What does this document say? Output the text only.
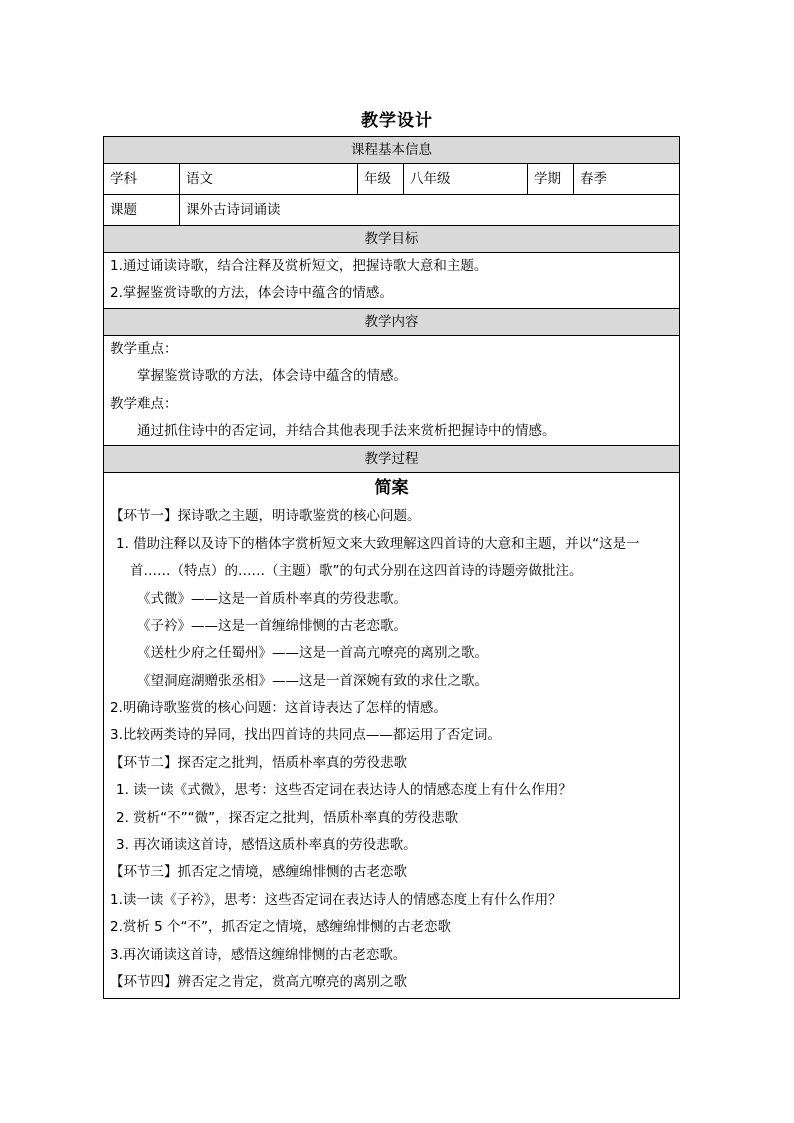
教学设计
课程基本信息
学科	语文	年级	八年级	学期	春季
课题	课外古诗词诵读
教学目标
1.通过诵读诗歌，结合注释及赏析短文，把握诗歌大意和主题。
2.掌握鉴赏诗歌的方法，体会诗中蕴含的情感。
教学内容
教学重点：
掌握鉴赏诗歌的方法，体会诗中蕴含的情感。
教学难点：
通过抓住诗中的否定词，并结合其他表现手法来赏析把握诗中的情感。
教学过程
简案
【环节一】探诗歌之主题，明诗歌鉴赏的核心问题。
1. 借助注释以及诗下的楷体字赏析短文来大致理解这四首诗的大意和主题，并以“这是一
首……（特点）的……（主题）歌”的句式分别在这四首诗的诗题旁做批注。
《式微》——这是一首质朴率真的劳役悲歌。
《子衿》——这是一首缠绵悱恻的古老恋歌。
《送杜少府之任蜀州》——这是一首高亢嘹亮的离别之歌。
《望洞庭湖赠张丞相》——这是一首深婉有致的求仕之歌。
2.明确诗歌鉴赏的核心问题：这首诗表达了怎样的情感。
3.比较两类诗的异同，找出四首诗的共同点——都运用了否定词。
【环节二】探否定之批判，悟质朴率真的劳役悲歌
1. 读一读《式微》，思考：这些否定词在表达诗人的情感态度上有什么作用？
2. 赏析“不”“微”，探否定之批判，悟质朴率真的劳役悲歌
3. 再次诵读这首诗，感悟这质朴率真的劳役悲歌。
【环节三】抓否定之情境，感缠绵悱恻的古老恋歌
1.读一读《子衿》，思考：这些否定词在表达诗人的情感态度上有什么作用？
2.赏析 5 个“不”，抓否定之情境，感缠绵悱恻的古老恋歌
3.再次诵读这首诗，感悟这缠绵悱恻的古老恋歌。
【环节四】辨否定之肯定，赏高亢嘹亮的离别之歌
